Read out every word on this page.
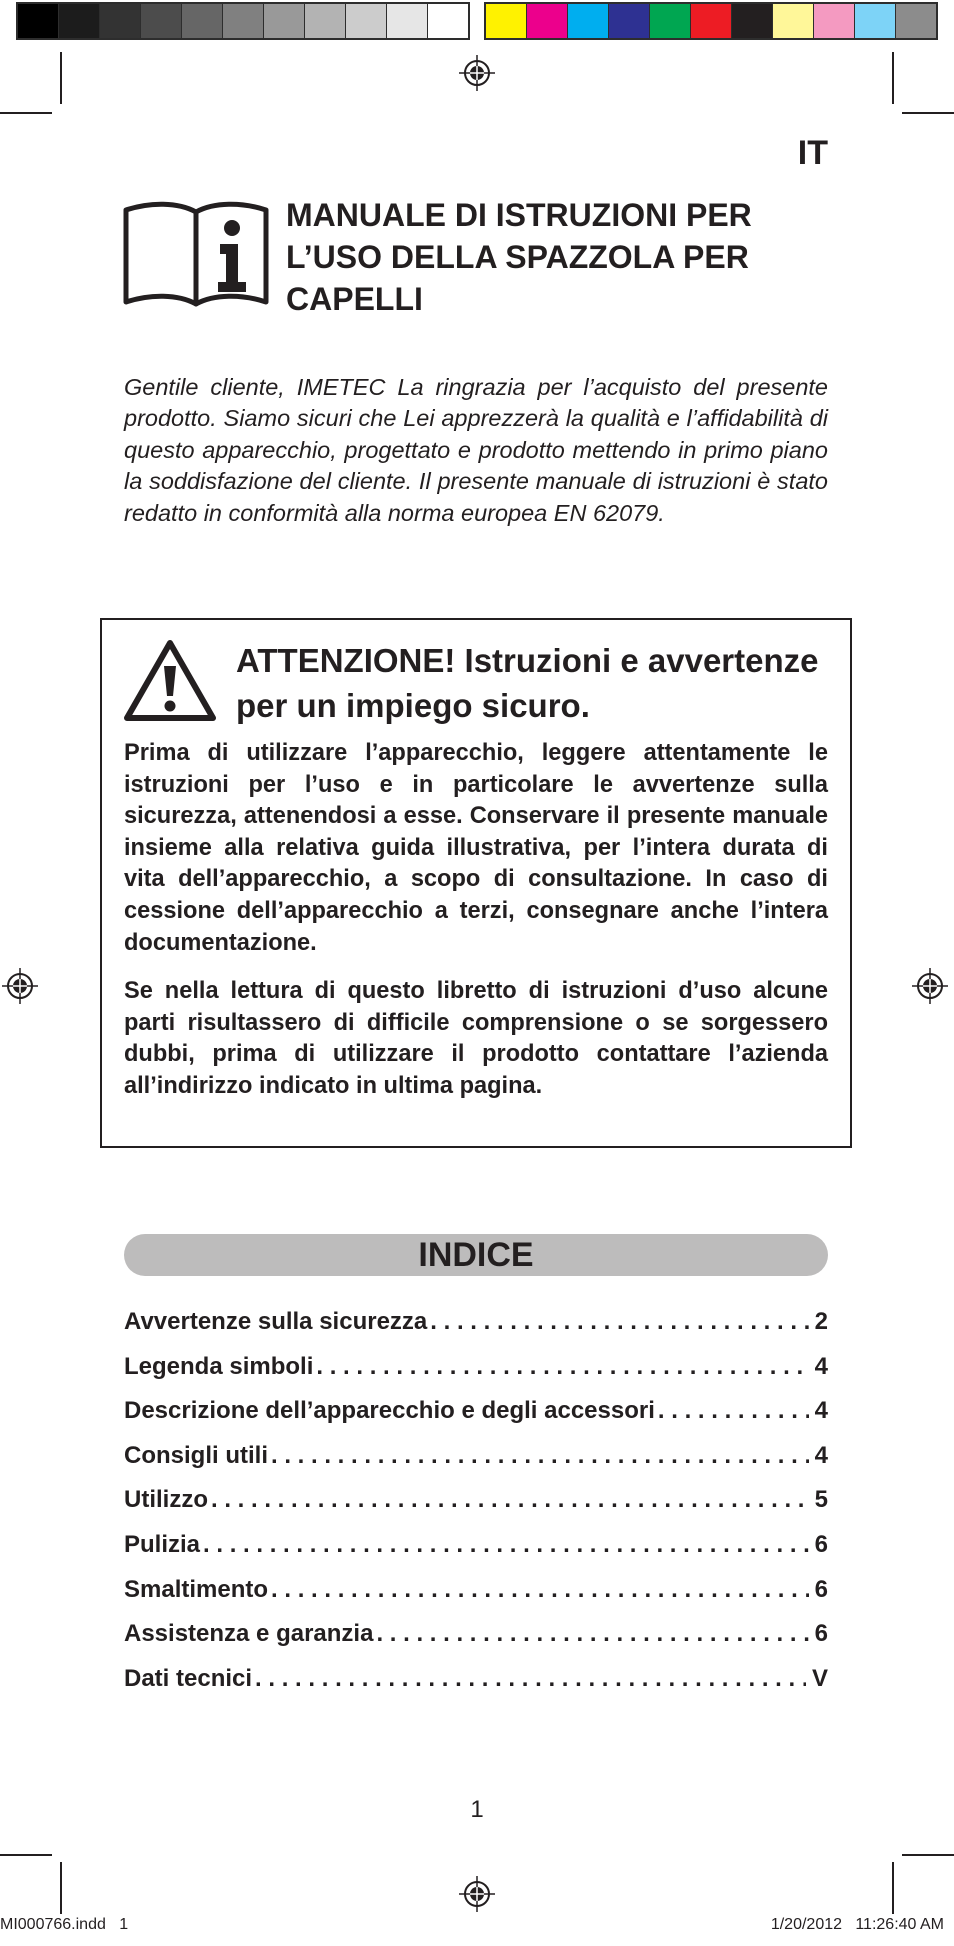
IT
MANUALE DI ISTRUZIONI PER L’USO DELLA SPAZZOLA PER CAPELLI

Gentile cliente, IMETEC La ringrazia per l’acquisto del presente prodotto. Siamo sicuri che Lei apprezzerà la qualità e l’affidabilità di questo apparecchio, progettato e prodotto mettendo in primo piano la soddisfazione del cliente. Il presente manuale di istruzioni è stato redatto in conformità alla norma europea EN 62079.

ATTENZIONE! Istruzioni e avvertenze per un impiego sicuro.

Prima di utilizzare l’apparecchio, leggere attentamente le istruzioni per l’uso e in particolare le avvertenze sulla sicurezza, attenendosi a esse. Conservare il presente manuale insieme alla relativa guida illustrativa, per l’intera durata di vita dell’apparecchio, a scopo di consultazione. In caso di cessione dell’apparecchio a terzi, consegnare anche l’intera documentazione.

Se nella lettura di questo libretto di istruzioni d’uso alcune parti risultassero di difficile comprensione o se sorgessero dubbi, prima di utilizzare il prodotto contattare l’azienda all’indirizzo indicato in ultima pagina.

INDICE
Avvertenze sulla sicurezza . . .	2
Legenda simboli . . .	4
Descrizione dell’apparecchio e degli accessori . . .	4
Consigli utili . . .	4
Utilizzo . . .	5
Pulizia . . .	6
Smaltimento . . .	6
Assistenza e garanzia . . .	6
Dati tecnici . . .	V
1
MI000766.indd   1	1/20/2012   11:26:40 AM
